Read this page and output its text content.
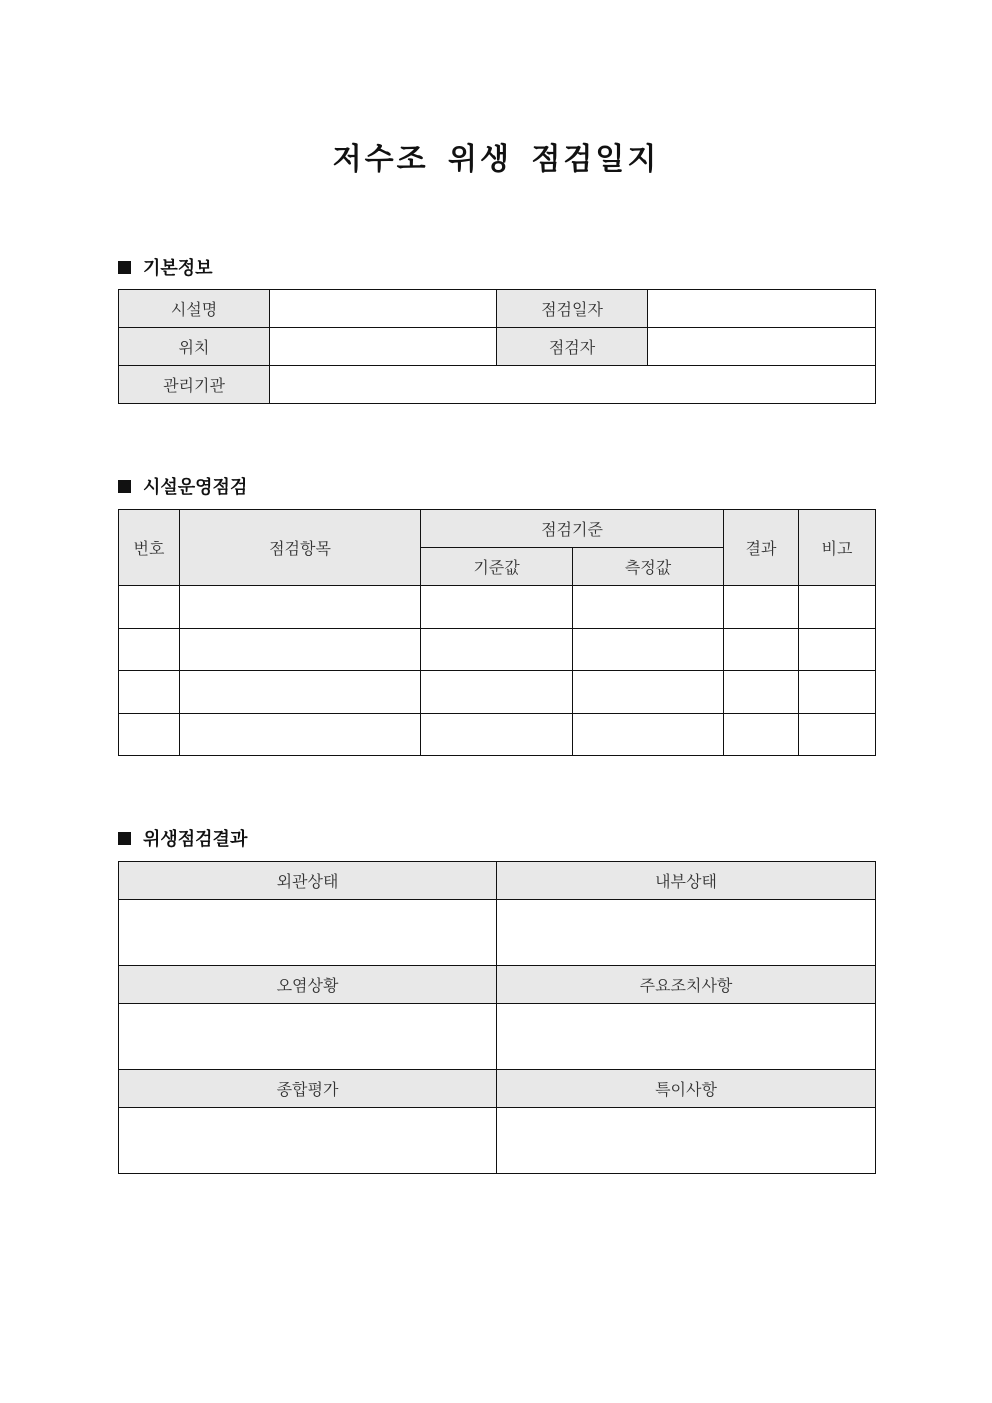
저수조 위생 점검일지
기본정보
시설명		점검일자	
위치		점검자	
관리기관			
시설운영점검
번호	점검항목	점검기준		결과	비고
		기준값	측정값		

위생점검결과
외관상태	내부상태

오염상황	주요조치사항

종합평가	특이사항
